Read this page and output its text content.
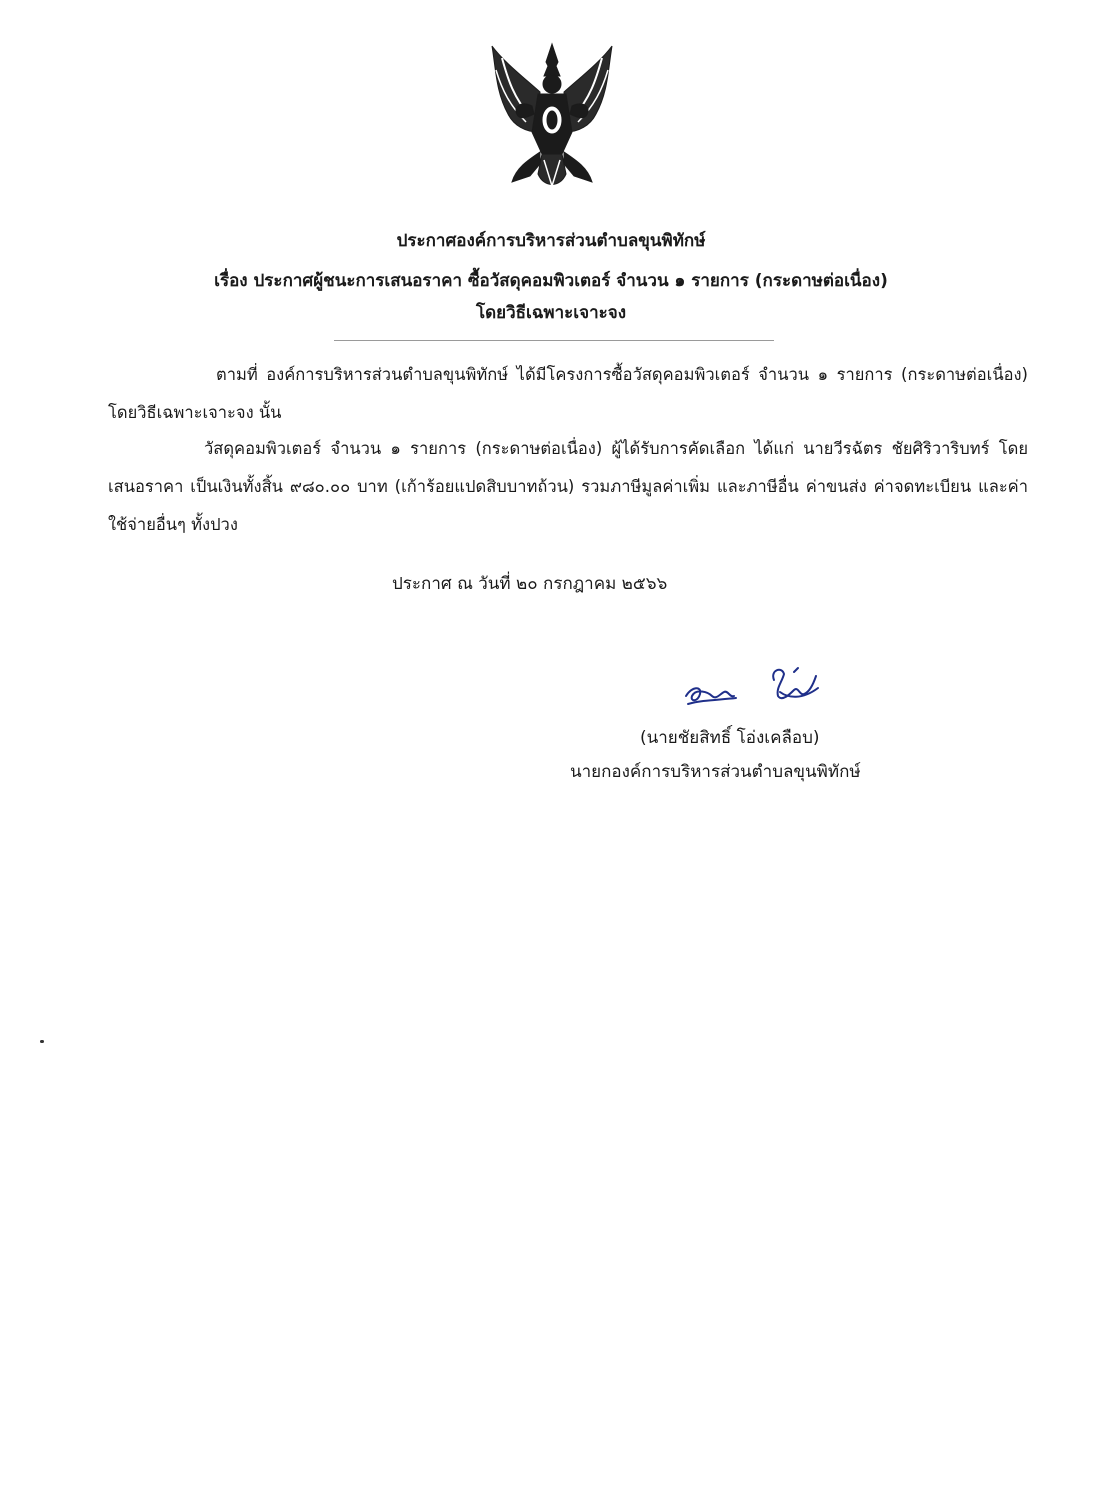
ประกาศองค์การบริหารส่วนตำบลขุนพิทักษ์
เรื่อง ประกาศผู้ชนะการเสนอราคา ซื้อวัสดุคอมพิวเตอร์ จำนวน ๑ รายการ (กระดาษต่อเนื่อง)
โดยวิธีเฉพาะเจาะจง
ตามที่ องค์การบริหารส่วนตำบลขุนพิทักษ์ ได้มีโครงการซื้อวัสดุคอมพิวเตอร์ จำนวน ๑ รายการ (กระดาษต่อเนื่อง) โดยวิธีเฉพาะเจาะจง นั้น
วัสดุคอมพิวเตอร์ จำนวน ๑ รายการ (กระดาษต่อเนื่อง) ผู้ได้รับการคัดเลือก ได้แก่ นายวีรฉัตร ชัยศิริวาริบทร์ โดยเสนอราคา เป็นเงินทั้งสิ้น ๙๘๐.๐๐ บาท (เก้าร้อยแปดสิบบาทถ้วน) รวมภาษีมูลค่าเพิ่ม และภาษีอื่น ค่าขนส่ง ค่าจดทะเบียน และค่าใช้จ่ายอื่นๆ ทั้งปวง
ประกาศ ณ วันที่ ๒๐ กรกฎาคม ๒๕๖๖
(นายชัยสิทธิ์ โอ่งเคลือบ)
นายกองค์การบริหารส่วนตำบลขุนพิทักษ์
